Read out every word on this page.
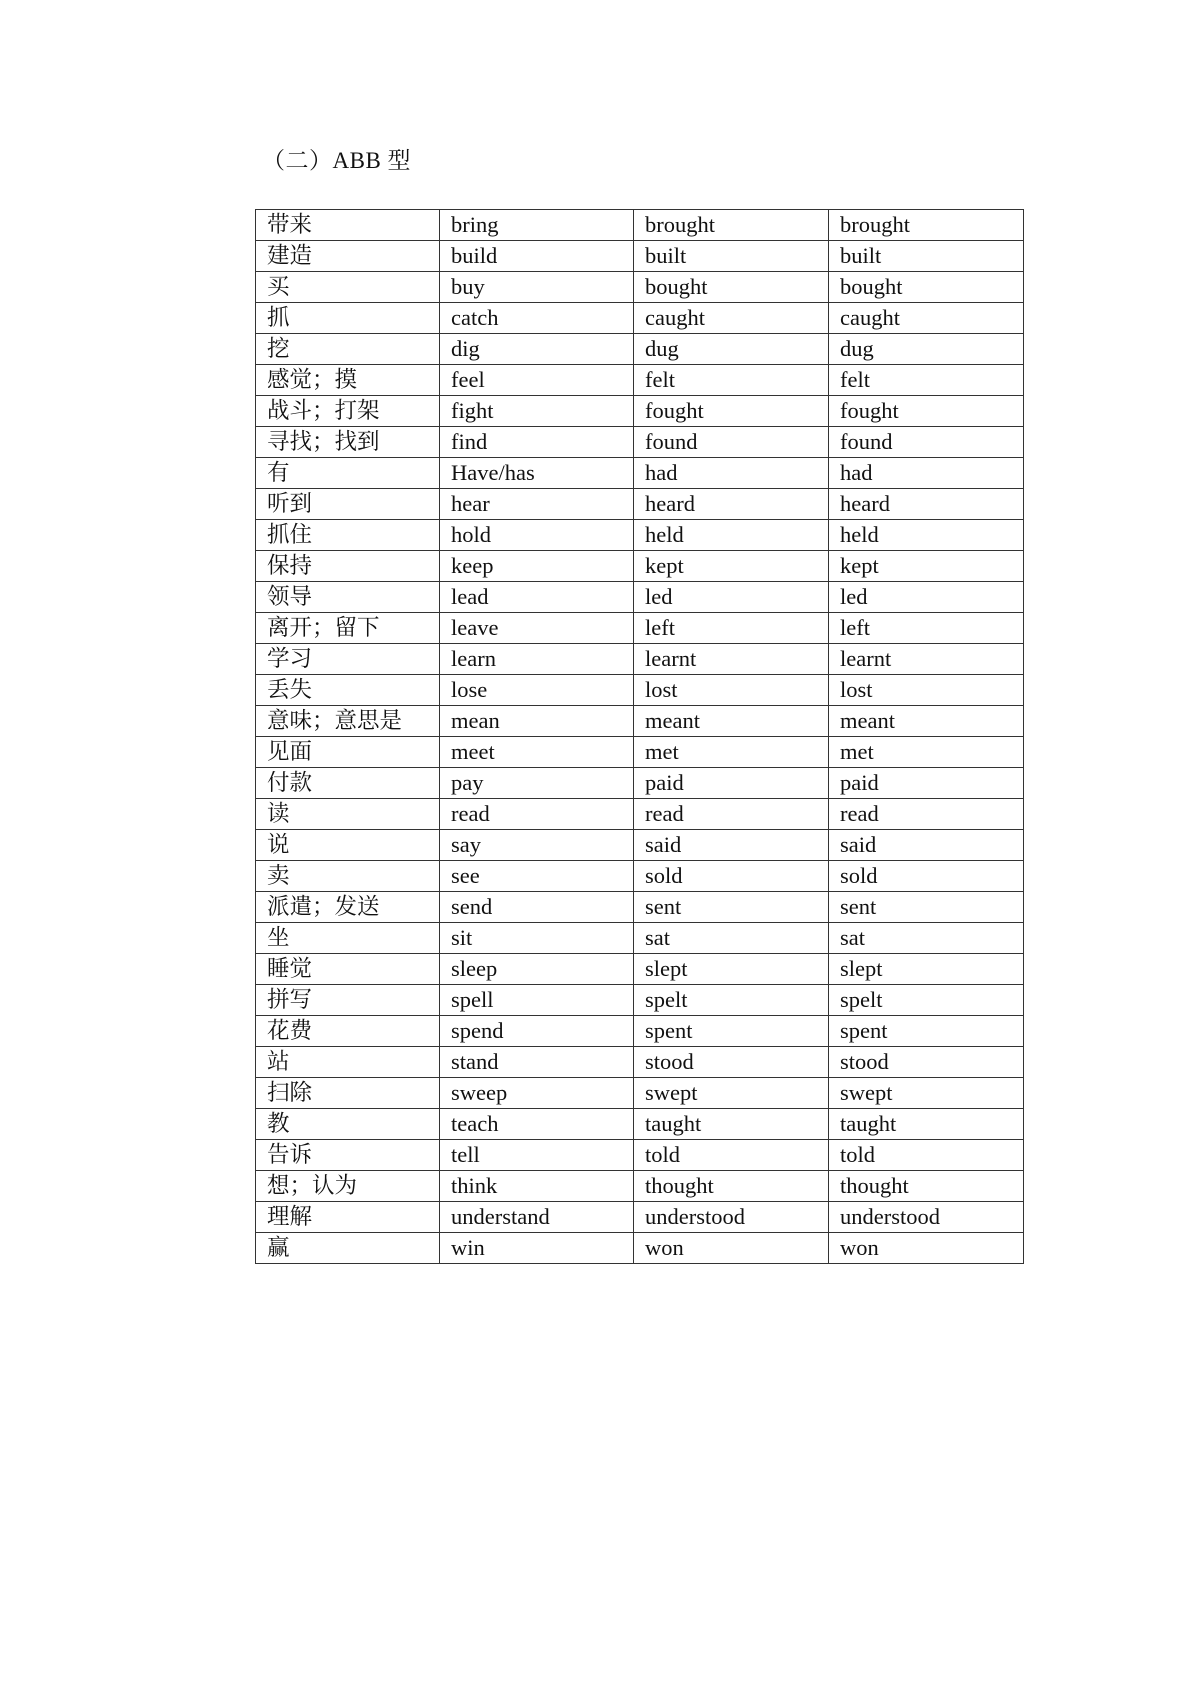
（二）ABB 型
带来	bring	brought	brought
建造	build	built	built
买	buy	bought	bought
抓	catch	caught	caught
挖	dig	dug	dug
感觉；摸	feel	felt	felt
战斗；打架	fight	fought	fought
寻找；找到	find	found	found
有	Have/has	had	had
听到	hear	heard	heard
抓住	hold	held	held
保持	keep	kept	kept
领导	lead	led	led
离开；留下	leave	left	left
学习	learn	learnt	learnt
丢失	lose	lost	lost
意味；意思是	mean	meant	meant
见面	meet	met	met
付款	pay	paid	paid
读	read	read	read
说	say	said	said
卖	see	sold	sold
派遣；发送	send	sent	sent
坐	sit	sat	sat
睡觉	sleep	slept	slept
拼写	spell	spelt	spelt
花费	spend	spent	spent
站	stand	stood	stood
扫除	sweep	swept	swept
教	teach	taught	taught
告诉	tell	told	told
想；认为	think	thought	thought
理解	understand	understood	understood
赢	win	won	won
